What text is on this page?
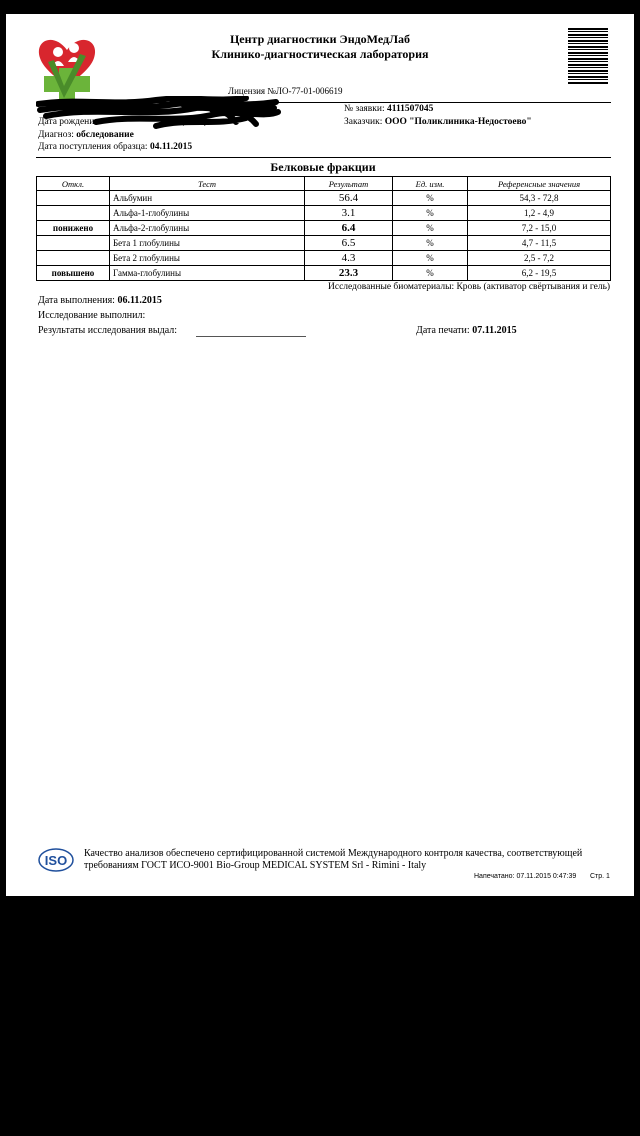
Центр диагностики ЭндоМедЛаб
Клинико-диагностическая лаборатория
Лицензия №ЛО-77-01-006619
Дата рождения	(35 л.)
Диагноз: обследование
Дата поступления образца: 04.11.2015
№ заявки: 4111507045
Заказчик: ООО "Поликлиника-Недостоево"
Белковые фракции
Откл.	Тест	Результат	Ед. изм.	Референсные значения
	Альбумин	56.4	%	54,3 - 72,8
	Альфа-1-глобулины	3.1	%	1,2 - 4,9
понижено	Альфа-2-глобулины	6.4	%	7,2 - 15,0
	Бета 1 глобулины	6.5	%	4,7 - 11,5
	Бета 2 глобулины	4.3	%	2,5 - 7,2
повышено	Гамма-глобулины	23.3	%	6,2 - 19,5
Исследованные биоматериалы: Кровь (активатор свёртывания и гель)
Дата выполнения: 06.11.2015
Исследование выполнил:
Результаты исследования выдал:	Дата печати: 07.11.2015
ISO Качество анализов обеспечено сертифицированной системой Международного контроля качества, соответствующей требованиям ГОСТ ИСО-9001 Bio-Group MEDICAL SYSTEM Srl - Rimini - Italy
Напечатано: 07.11.2015 0:47:39 Стр. 1
